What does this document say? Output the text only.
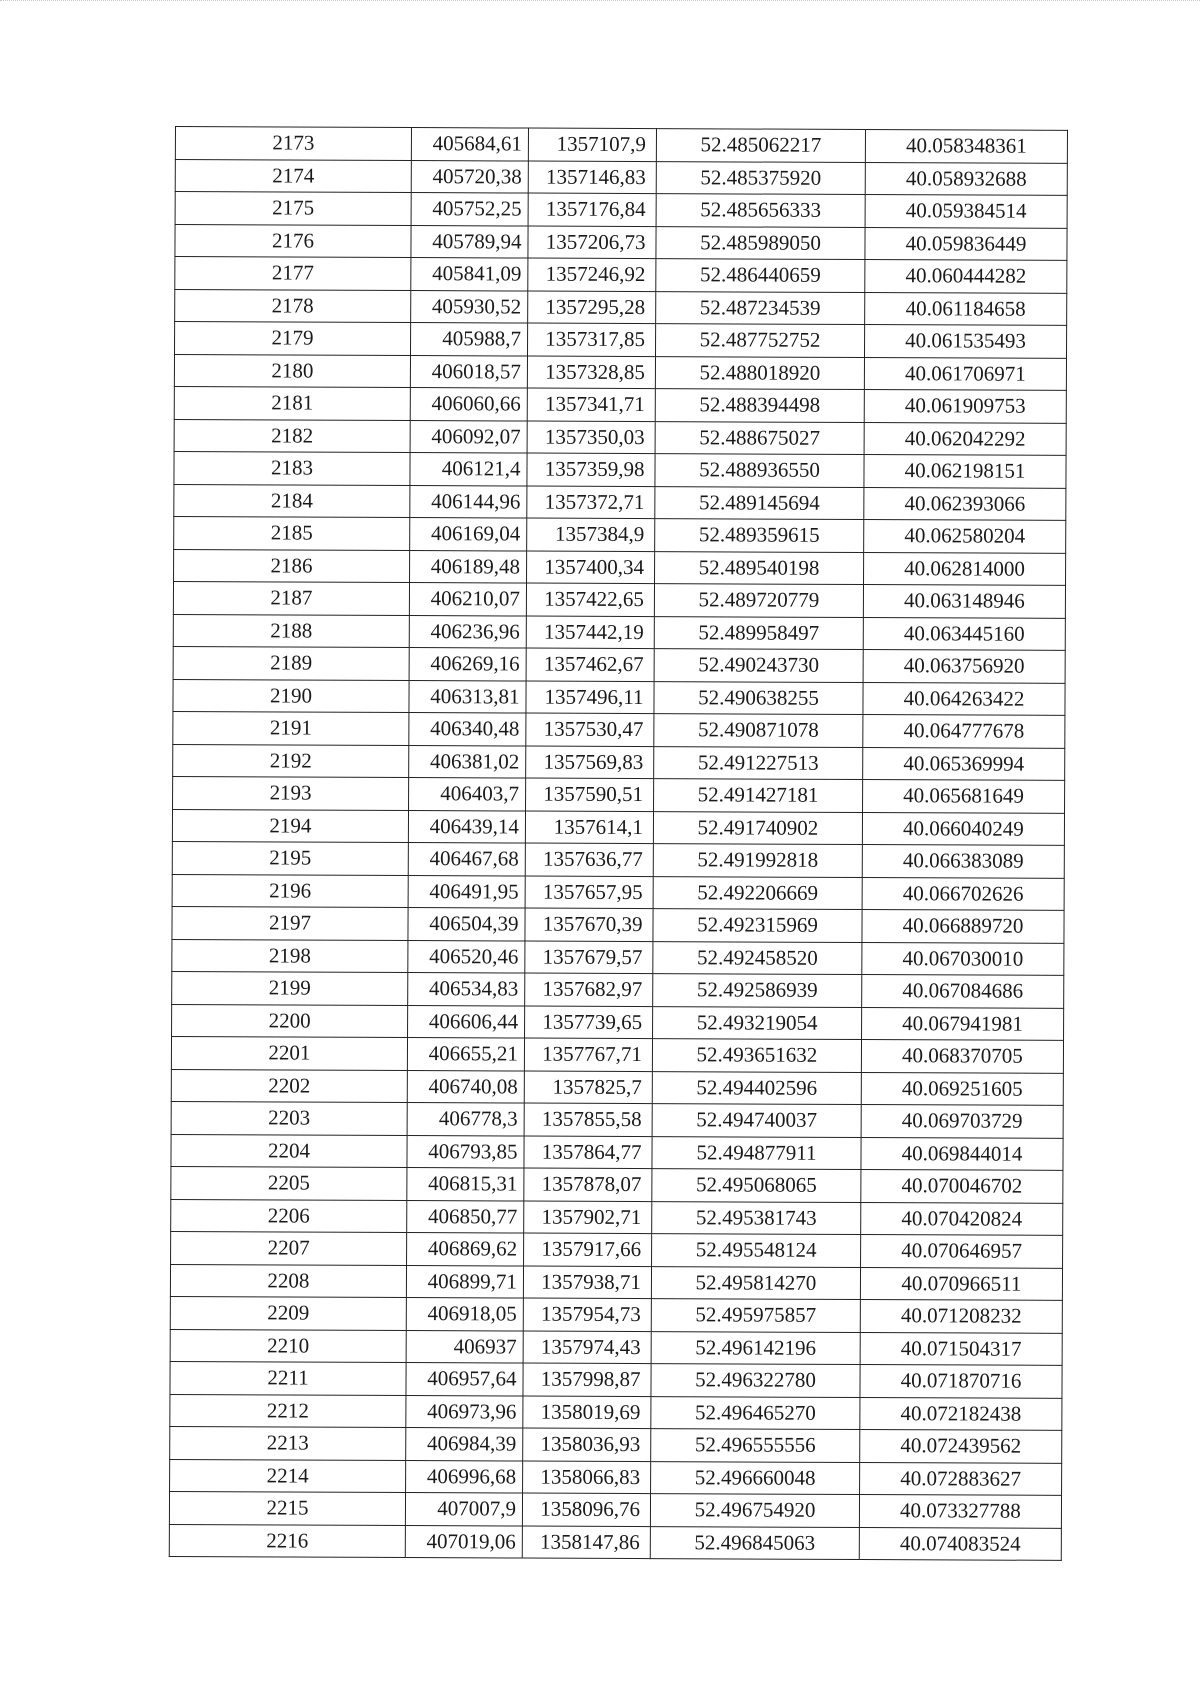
2173	405684,61	1357107,9	52.485062217	40.058348361
2174	405720,38	1357146,83	52.485375920	40.058932688
2175	405752,25	1357176,84	52.485656333	40.059384514
2176	405789,94	1357206,73	52.485989050	40.059836449
2177	405841,09	1357246,92	52.486440659	40.060444282
2178	405930,52	1357295,28	52.487234539	40.061184658
2179	405988,7	1357317,85	52.487752752	40.061535493
2180	406018,57	1357328,85	52.488018920	40.061706971
2181	406060,66	1357341,71	52.488394498	40.061909753
2182	406092,07	1357350,03	52.488675027	40.062042292
2183	406121,4	1357359,98	52.488936550	40.062198151
2184	406144,96	1357372,71	52.489145694	40.062393066
2185	406169,04	1357384,9	52.489359615	40.062580204
2186	406189,48	1357400,34	52.489540198	40.062814000
2187	406210,07	1357422,65	52.489720779	40.063148946
2188	406236,96	1357442,19	52.489958497	40.063445160
2189	406269,16	1357462,67	52.490243730	40.063756920
2190	406313,81	1357496,11	52.490638255	40.064263422
2191	406340,48	1357530,47	52.490871078	40.064777678
2192	406381,02	1357569,83	52.491227513	40.065369994
2193	406403,7	1357590,51	52.491427181	40.065681649
2194	406439,14	1357614,1	52.491740902	40.066040249
2195	406467,68	1357636,77	52.491992818	40.066383089
2196	406491,95	1357657,95	52.492206669	40.066702626
2197	406504,39	1357670,39	52.492315969	40.066889720
2198	406520,46	1357679,57	52.492458520	40.067030010
2199	406534,83	1357682,97	52.492586939	40.067084686
2200	406606,44	1357739,65	52.493219054	40.067941981
2201	406655,21	1357767,71	52.493651632	40.068370705
2202	406740,08	1357825,7	52.494402596	40.069251605
2203	406778,3	1357855,58	52.494740037	40.069703729
2204	406793,85	1357864,77	52.494877911	40.069844014
2205	406815,31	1357878,07	52.495068065	40.070046702
2206	406850,77	1357902,71	52.495381743	40.070420824
2207	406869,62	1357917,66	52.495548124	40.070646957
2208	406899,71	1357938,71	52.495814270	40.070966511
2209	406918,05	1357954,73	52.495975857	40.071208232
2210	406937	1357974,43	52.496142196	40.071504317
2211	406957,64	1357998,87	52.496322780	40.071870716
2212	406973,96	1358019,69	52.496465270	40.072182438
2213	406984,39	1358036,93	52.496555556	40.072439562
2214	406996,68	1358066,83	52.496660048	40.072883627
2215	407007,9	1358096,76	52.496754920	40.073327788
2216	407019,06	1358147,86	52.496845063	40.074083524
